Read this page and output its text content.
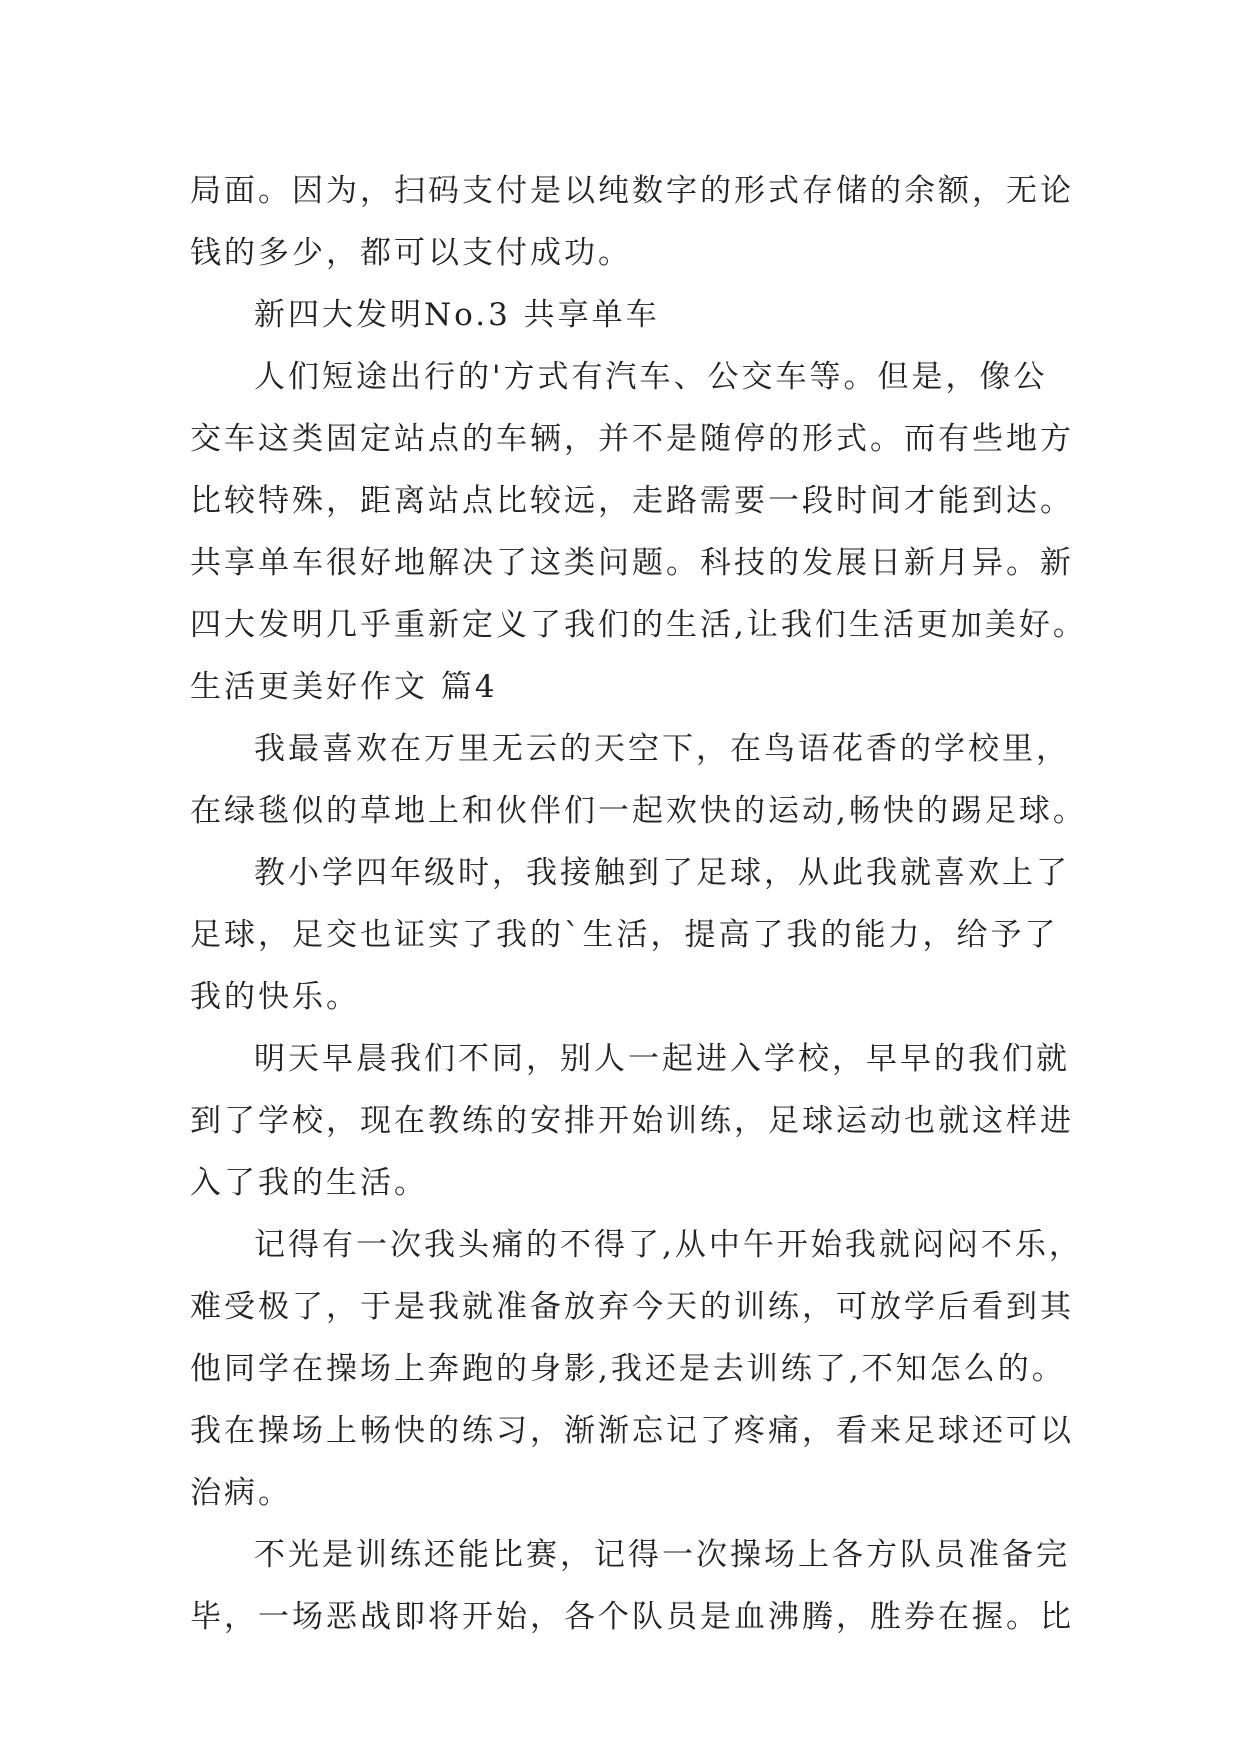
局面。因为，扫码支付是以纯数字的形式存储的余额，无论
钱的多少，都可以支付成功。
新四大发明No.3 共享单车
人们短途出行的'方式有汽车、公交车等。但是，像公
交车这类固定站点的车辆，并不是随停的形式。而有些地方
比较特殊，距离站点比较远，走路需要一段时间才能到达。
共享单车很好地解决了这类问题。科技的发展日新月异。新
四大发明几乎重新定义了我们的生活,让我们生活更加美好。
生活更美好作文 篇4
我最喜欢在万里无云的天空下，在鸟语花香的学校里，
在绿毯似的草地上和伙伴们一起欢快的运动,畅快的踢足球。
教小学四年级时，我接触到了足球，从此我就喜欢上了
足球，足交也证实了我的`生活，提高了我的能力，给予了
我的快乐。
明天早晨我们不同，别人一起进入学校，早早的我们就
到了学校，现在教练的安排开始训练，足球运动也就这样进
入了我的生活。
记得有一次我头痛的不得了,从中午开始我就闷闷不乐，
难受极了，于是我就准备放弃今天的训练，可放学后看到其
他同学在操场上奔跑的身影,我还是去训练了,不知怎么的。
我在操场上畅快的练习，渐渐忘记了疼痛，看来足球还可以
治病。
不光是训练还能比赛，记得一次操场上各方队员准备完
毕，一场恶战即将开始，各个队员是血沸腾，胜券在握。比
